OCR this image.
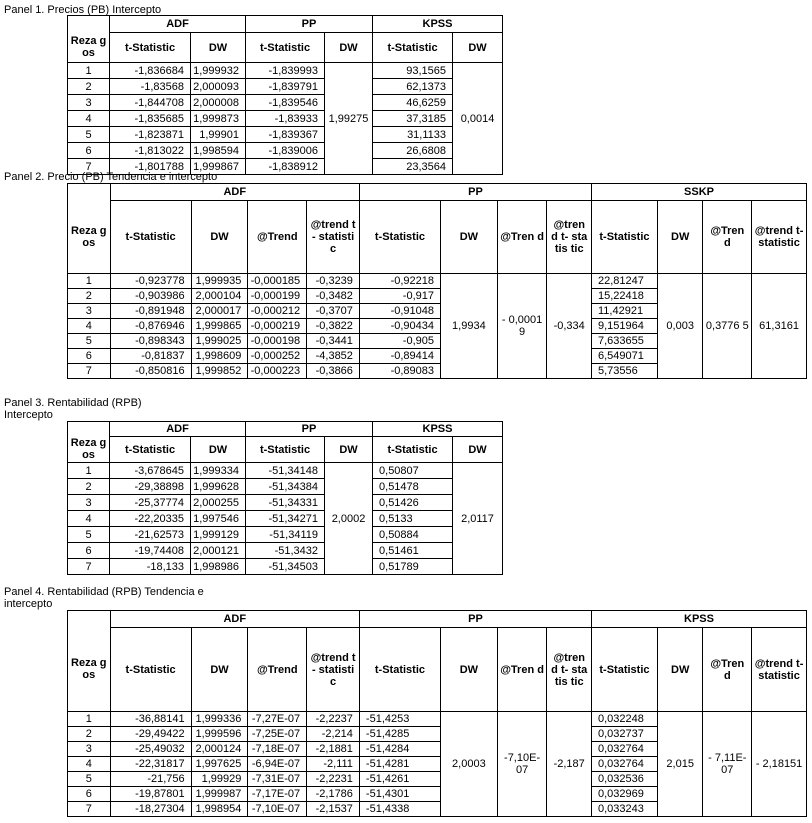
Panel 1. Precios (PB) Intercepto
	ADF		PP		KPSS	
Reza gos	t-Statistic	DW	t-Statistic	DW	t-Statistic	DW
1	-1,836684	1,999932	-1,839993	1,99275	93,1565	0,0014
2	-1,83568	2,000093	-1,839791		62,1373	
3	-1,844708	2,000008	-1,839546		46,6259	
4	-1,835685	1,999873	-1,83933		37,3185	
5	-1,823871	1,99901	-1,839367		31,1133	
6	-1,813022	1,998594	-1,839006		26,6808	
7	-1,801788	1,999867	-1,838912		23,3564	
Panel 2. Precio (PB) Tendencia e intercepto
	ADF				PP				SSKP			
Reza gos	t-Statistic	DW	@Trend	@trend t- statisti c	t-Statistic	DW	@Tren d	@tren d t- statis tic	t-Statistic	DW	@Tren d	@trend t- statistic
1	-0,923778	1,999935	-0,000185	-0,3239	-0,92218	1,9934	- 0,0001 9	-0,334	22,81247	0,003	0,3776 5	61,3161
2	-0,903986	2,000104	-0,000199	-0,3482	-0,917				15,22418			
3	-0,891948	2,000017	-0,000212	-0,3707	-0,91048				11,42921			
4	-0,876946	1,999865	-0,000219	-0,3822	-0,90434				9,151964			
5	-0,898343	1,999025	-0,000198	-0,3441	-0,905				7,633655			
6	-0,81837	1,998609	-0,000252	-4,3852	-0,89414				6,549071			
7	-0,850816	1,999852	-0,000223	-0,3866	-0,89083				5,73556			
Panel 3. Rentabilidad (RPB)
Intercepto
	ADF		PP		KPSS	
Reza gos	t-Statistic	DW	t-Statistic	DW	t-Statistic	DW
1	-3,678645	1,999334	-51,34148	2,0002	0,50807	2,0117
2	-29,38898	1,999628	-51,34384		0,51478	
3	-25,37774	2,000255	-51,34331		0,51426	
4	-22,20335	1,997546	-51,34271		0,5133	
5	-21,62573	1,999129	-51,34119		0,50884	
6	-19,74408	2,000121	-51,3432		0,51461	
7	-18,133	1,998986	-51,34503		0,51789	
Panel 4. Rentabilidad (RPB) Tendencia e
intercepto
	ADF				PP				KPSS			
Reza gos	t-Statistic	DW	@Trend	@trend t- statisti c	t-Statistic	DW	@Tren d	@tren d t- statis tic	t-Statistic	DW	@Tren d	@trend t- statistic
1	-36,88141	1,999336	-7,27E-07	-2,2237	-51,4253	2,0003	-7,10E- 07	-2,187	0,032248	2,015	- 7,11E- 07	- 2,18151
2	-29,49422	1,999596	-7,25E-07	-2,214	-51,4285				0,032737			
3	-25,49032	2,000124	-7,18E-07	-2,1881	-51,4284				0,032764			
4	-22,31817	1,997625	-6,94E-07	-2,111	-51,4281				0,032764			
5	-21,756	1,99929	-7,31E-07	-2,2231	-51,4261				0,032536			
6	-19,87801	1,999987	-7,17E-07	-2,1786	-51,4301				0,032969			
7	-18,27304	1,998954	-7,10E-07	-2,1537	-51,4338				0,033243			
